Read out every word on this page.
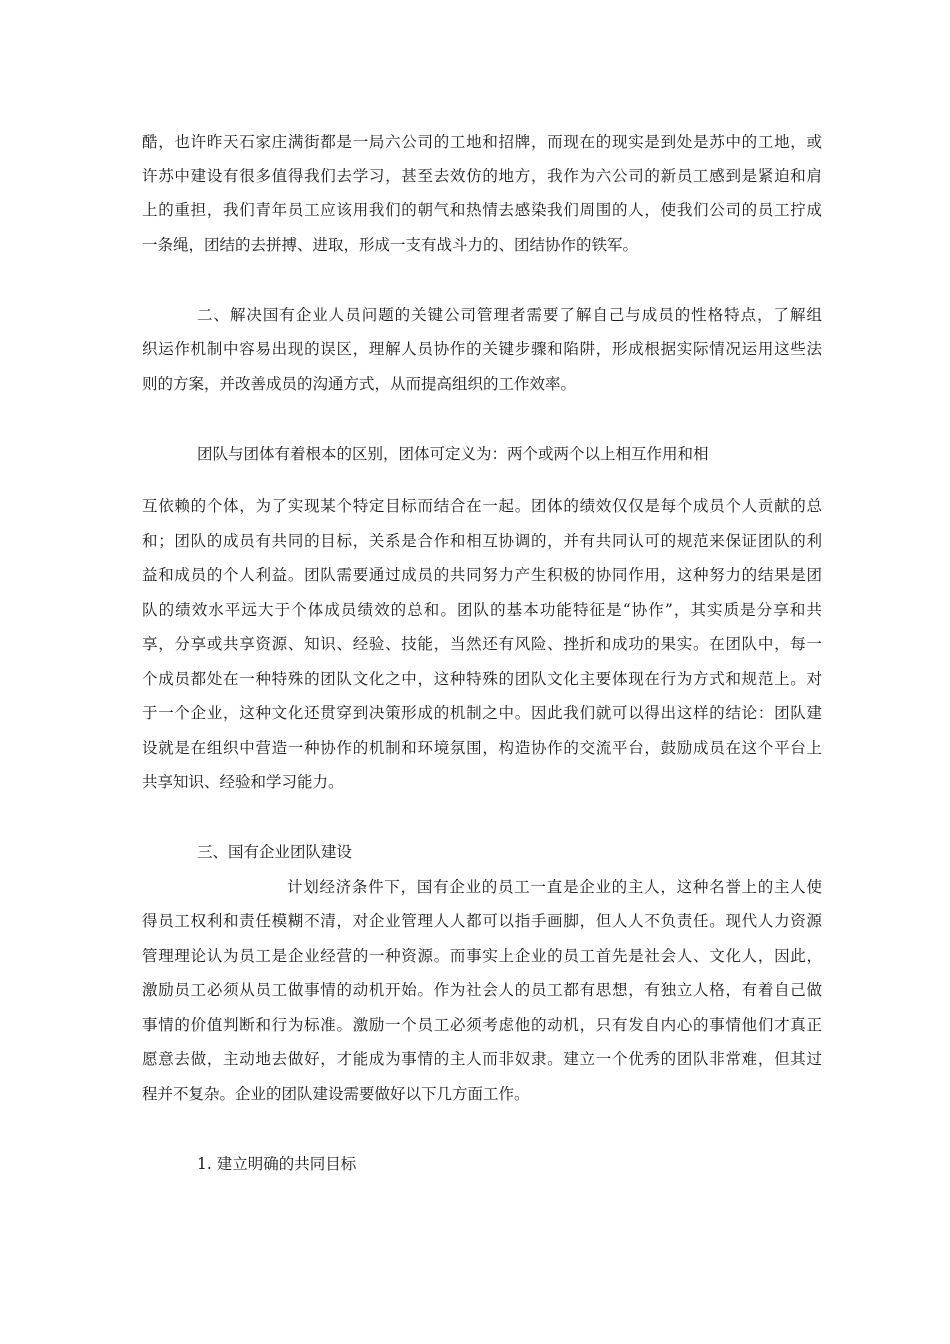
酷，也许昨天石家庄满街都是一局六公司的工地和招牌，而现在的现实是到处是苏中的工地，或
许苏中建设有很多值得我们去学习，甚至去效仿的地方，我作为六公司的新员工感到是紧迫和肩
上的重担，我们青年员工应该用我们的朝气和热情去感染我们周围的人，使我们公司的员工拧成
一条绳，团结的去拼搏、进取，形成一支有战斗力的、团结协作的铁军。
二、解决国有企业人员问题的关键公司管理者需要了解自己与成员的性格特点，了解组
织运作机制中容易出现的误区，理解人员协作的关键步骤和陷阱，形成根据实际情况运用这些法
则的方案，并改善成员的沟通方式，从而提高组织的工作效率。
团队与团体有着根本的区别，团体可定义为：两个或两个以上相互作用和相
互依赖的个体，为了实现某个特定目标而结合在一起。团体的绩效仅仅是每个成员个人贡献的总
和；团队的成员有共同的目标，关系是合作和相互协调的，并有共同认可的规范来保证团队的利
益和成员的个人利益。团队需要通过成员的共同努力产生积极的协同作用，这种努力的结果是团
队的绩效水平远大于个体成员绩效的总和。团队的基本功能特征是“协作”，其实质是分享和共
享，分享或共享资源、知识、经验、技能，当然还有风险、挫折和成功的果实。在团队中，每一
个成员都处在一种特殊的团队文化之中，这种特殊的团队文化主要体现在行为方式和规范上。对
于一个企业，这种文化还贯穿到决策形成的机制之中。因此我们就可以得出这样的结论：团队建
设就是在组织中营造一种协作的机制和环境氛围，构造协作的交流平台，鼓励成员在这个平台上
共享知识、经验和学习能力。
三、国有企业团队建设
计划经济条件下，国有企业的员工一直是企业的主人，这种名誉上的主人使
得员工权利和责任模糊不清，对企业管理人人都可以指手画脚，但人人不负责任。现代人力资源
管理理论认为员工是企业经营的一种资源。而事实上企业的员工首先是社会人、文化人，因此，
激励员工必须从员工做事情的动机开始。作为社会人的员工都有思想，有独立人格，有着自己做
事情的价值判断和行为标准。激励一个员工必须考虑他的动机，只有发自内心的事情他们才真正
愿意去做，主动地去做好，才能成为事情的主人而非奴隶。建立一个优秀的团队非常难，但其过
程并不复杂。企业的团队建设需要做好以下几方面工作。
1. 建立明确的共同目标
